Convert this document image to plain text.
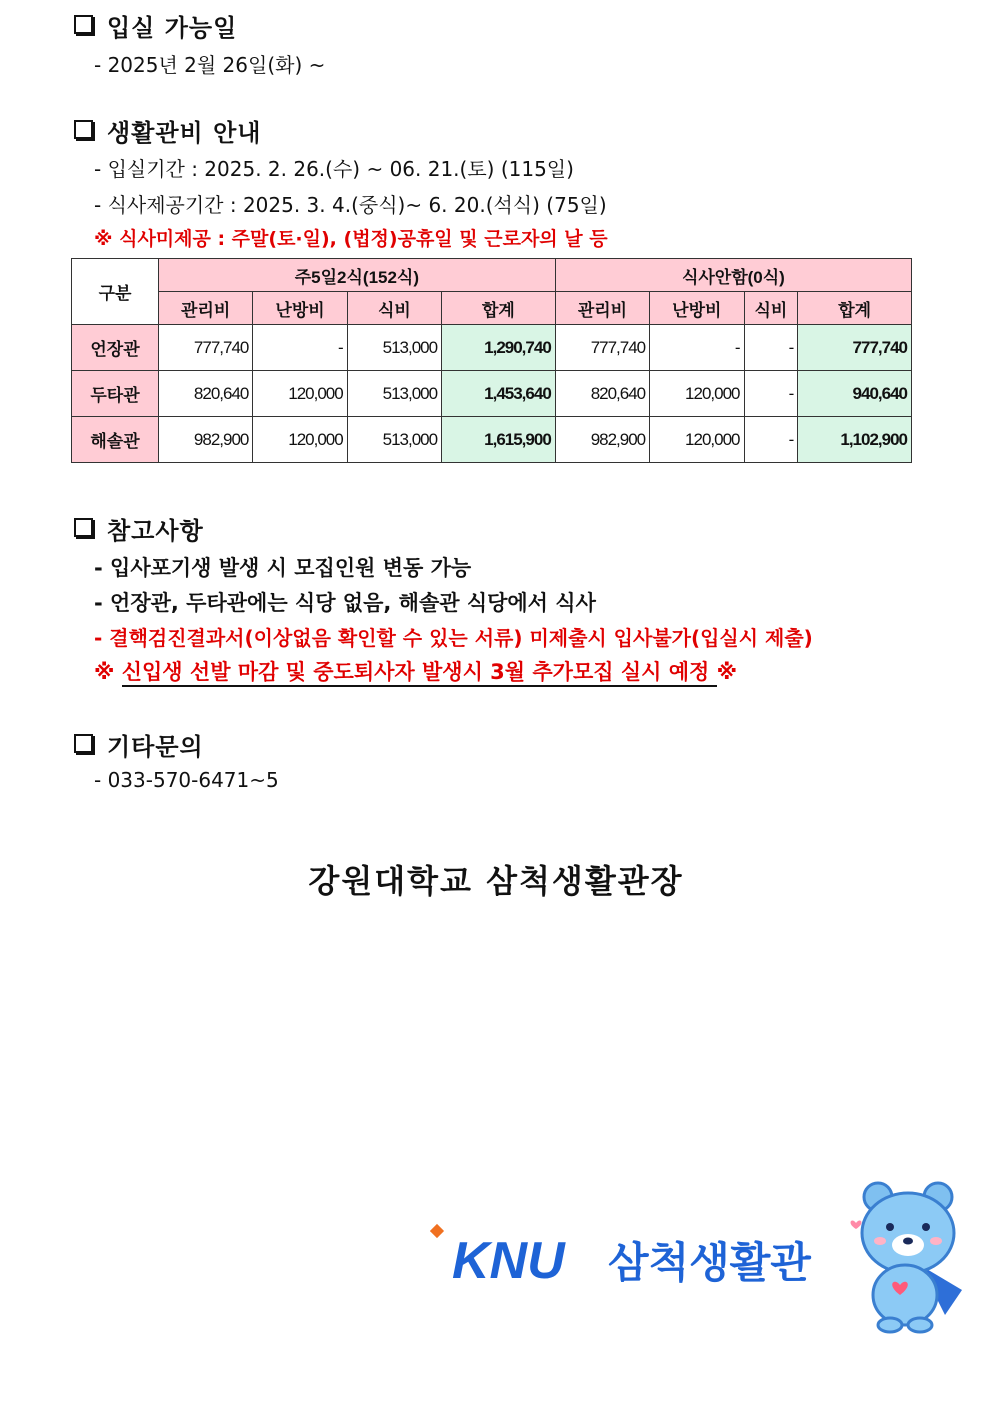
입실 가능일
- 2025년 2월 26일(화) ~
생활관비 안내
- 입실기간 : 2025. 2. 26.(수) ~ 06. 21.(토) (115일)
- 식사제공기간 : 2025. 3. 4.(중식)~ 6. 20.(석식) (75일)
※ 식사미제공 : 주말(토·일), (법정)공휴일 및 근로자의 날 등
구분	주5일2식(152식)				식사안함(0식)			
	관리비	난방비	식비	합계	관리비	난방비	식비	합계
언장관	777,740	-	513,000	1,290,740	777,740	-	-	777,740
두타관	820,640	120,000	513,000	1,453,640	820,640	120,000	-	940,640
해솔관	982,900	120,000	513,000	1,615,900	982,900	120,000	-	1,102,900
참고사항
- 입사포기생 발생 시 모집인원 변동 가능
- 언장관, 두타관에는 식당 없음, 해솔관 식당에서 식사
- 결핵검진결과서(이상없음 확인할 수 있는 서류) 미제출시 입사불가(입실시 제출)
※ 신입생 선발 마감 및 중도퇴사자 발생시 3월 추가모집 실시 예정 ※
기타문의
- 033-570-6471~5
강원대학교 삼척생활관장
KNU 삼척생활관
